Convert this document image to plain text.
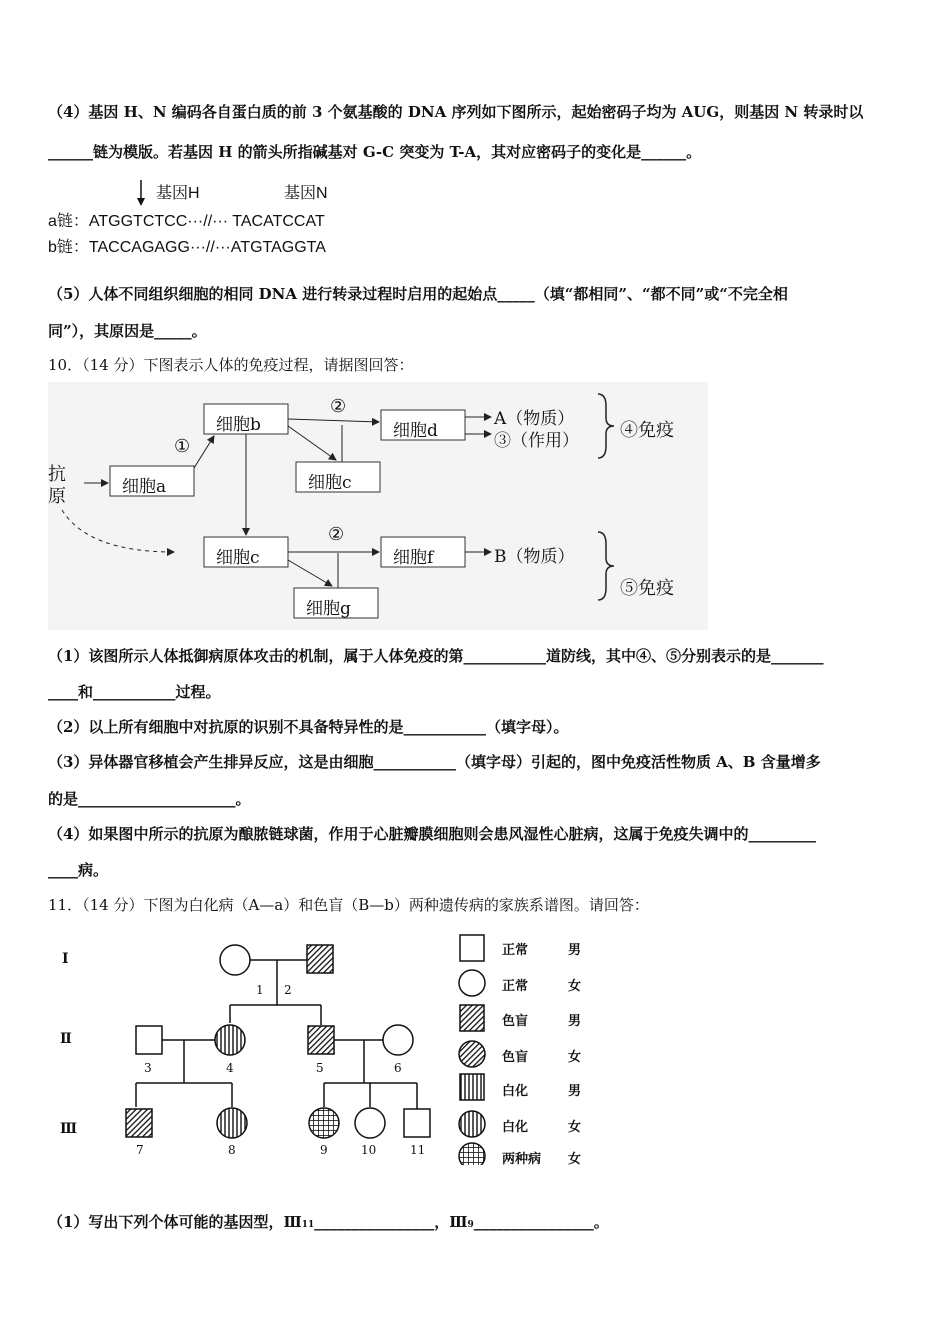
（4）基因 H、N 编码各自蛋白质的前 3 个氨基酸的 DNA 序列如下图所示，起始密码子均为 AUG，则基因 N 转录时以
______链为模版。若基因 H 的箭头所指碱基对 G-C 突变为 T-A，其对应密码子的变化是______。
基因H	基因N
a链：ATGGTCTCC···//··· TACATCCAT
b链：TACCAGAGG···//···ATGTAGGTA
（5）人体不同组织细胞的相同 DNA 进行转录过程时启用的起始点_____（填“都相同”、“都不同”或“不完全相
同”），其原因是_____。
10．（14 分）下图表示人体的免疫过程，请据图回答：
抗
原	细胞a
细胞b	细胞d
细胞c
细胞c	细胞f
细胞g
①
②
②
A（物质）
③（作用） ④免疫
B（物质）
⑤免疫
（1）该图所示人体抵御病原体攻击的机制，属于人体免疫的第___________道防线，其中④、⑤分别表示的是_______
____和___________过程。
（2）以上所有细胞中对抗原的识别不具备特异性的是___________（填字母）。
（3）异体器官移植会产生排异反应，这是由细胞___________（填字母）引起的，图中免疫活性物质 A、B 含量增多
的是_____________________。
（4）如果图中所示的抗原为酿脓链球菌，作用于心脏瓣膜细胞则会患风湿性心脏病，这属于免疫失调中的_________
____病。
11．（14 分）下图为白化病（A—a）和色盲（B—b）两种遗传病的家族系谱图。请回答：
I
Ⅱ
Ⅲ
1 2
3	4	5	6
7	8	9	10	11
正常	男
正常	女
色盲	男
色盲	女
白化	男
白化	女
两种病 女
（1）写出下列个体可能的基因型，Ⅲ11________________，Ⅲ9________________。
